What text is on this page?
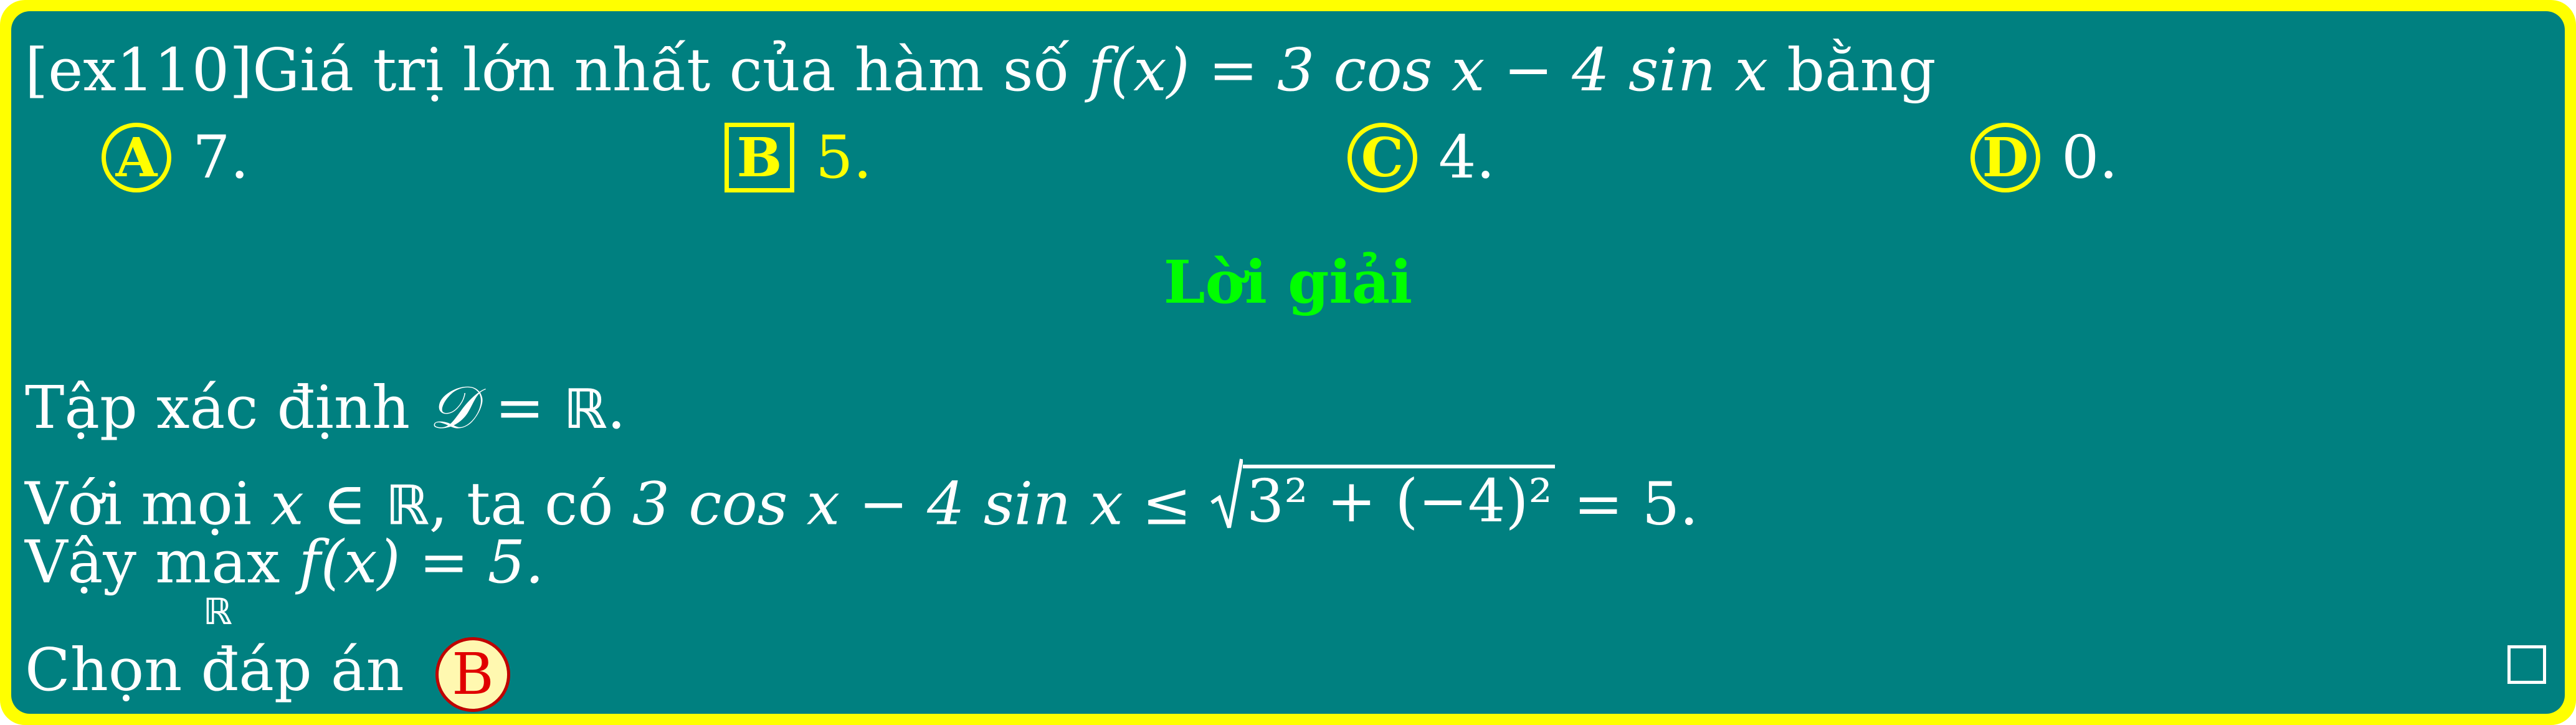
[ex110]Giá trị lớn nhất của hàm số f(x) = 3 cos x − 4 sin x bằng
A 7.	B 5.	C 4.	D 0.
Lời giải
Tập xác định 𝒟 = ℝ.
Với mọi x ∈ ℝ, ta có 3 cos x − 4 sin x ≤ 3² + (−4)² = 5.
Vậy max
ℝ
f(x) = 5.
Chọn đáp án B
